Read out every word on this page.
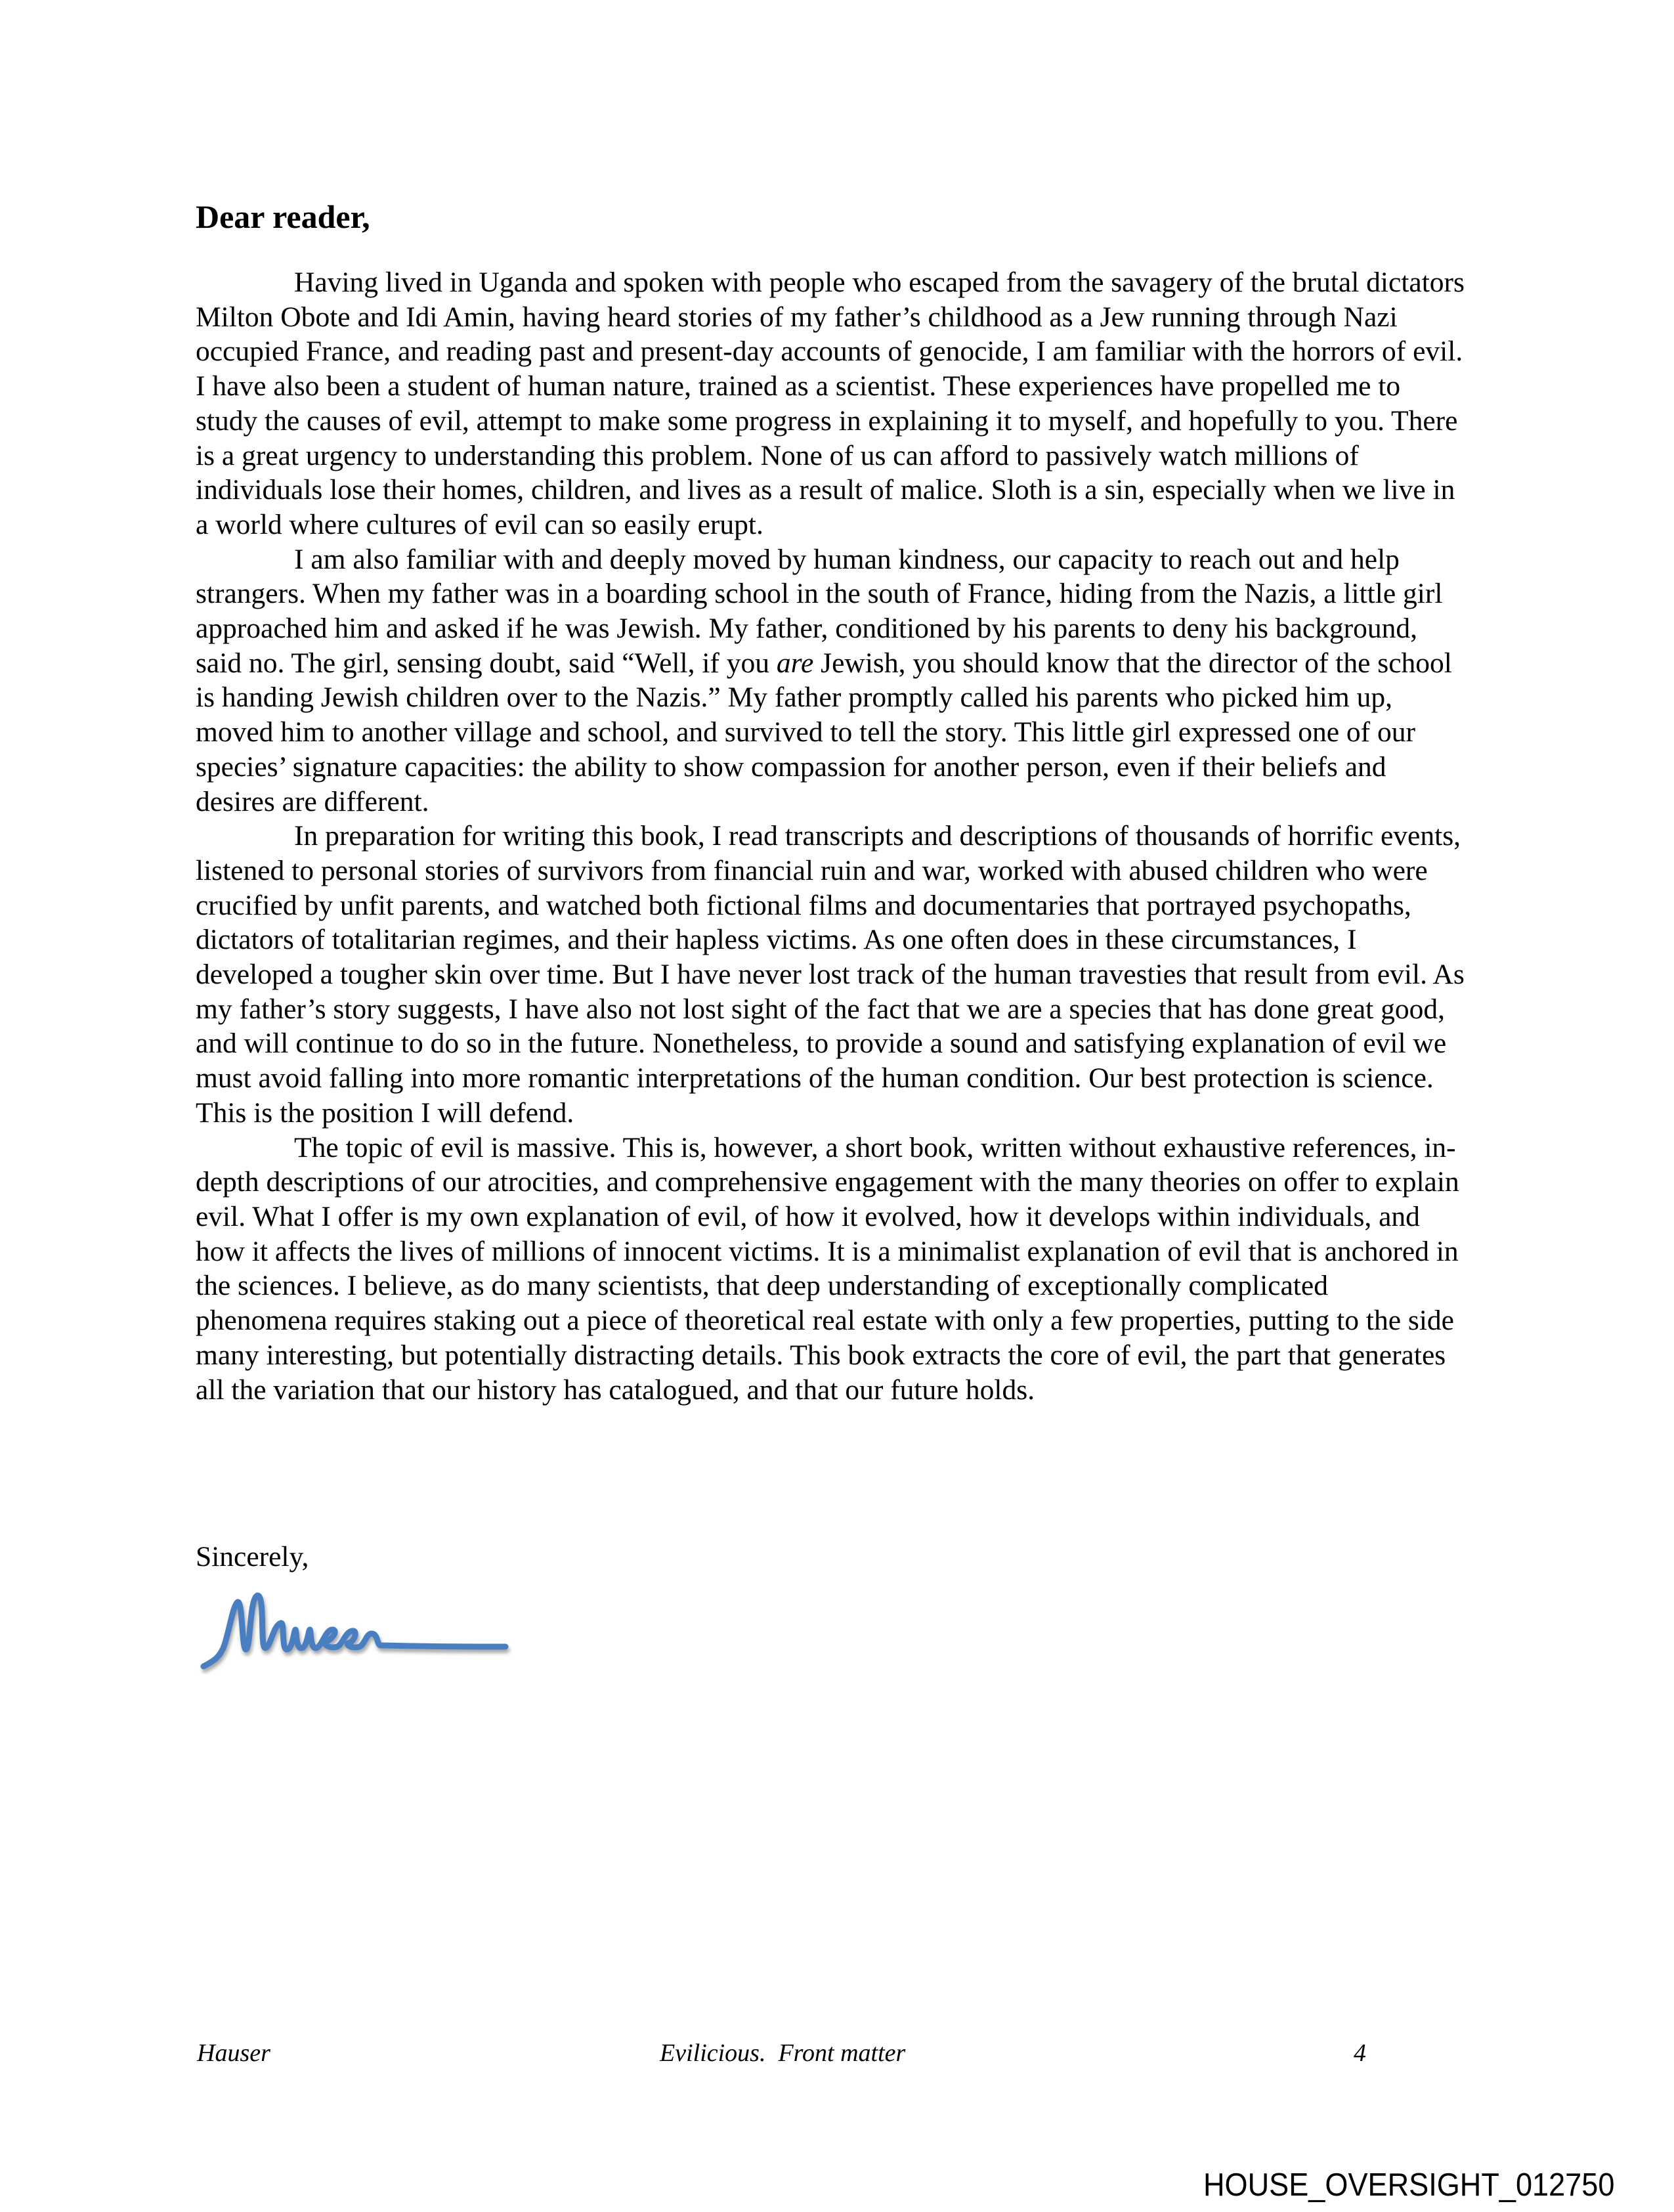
Dear reader,

Having lived in Uganda and spoken with people who escaped from the savagery of the brutal dictators Milton Obote and Idi Amin, having heard stories of my father’s childhood as a Jew running through Nazi occupied France, and reading past and present-day accounts of genocide, I am familiar with the horrors of evil. I have also been a student of human nature, trained as a scientist. These experiences have propelled me to study the causes of evil, attempt to make some progress in explaining it to myself, and hopefully to you. There is a great urgency to understanding this problem. None of us can afford to passively watch millions of individuals lose their homes, children, and lives as a result of malice. Sloth is a sin, especially when we live in a world where cultures of evil can so easily erupt.

I am also familiar with and deeply moved by human kindness, our capacity to reach out and help strangers. When my father was in a boarding school in the south of France, hiding from the Nazis, a little girl approached him and asked if he was Jewish. My father, conditioned by his parents to deny his background, said no. The girl, sensing doubt, said “Well, if you are Jewish, you should know that the director of the school is handing Jewish children over to the Nazis.” My father promptly called his parents who picked him up, moved him to another village and school, and survived to tell the story. This little girl expressed one of our species’ signature capacities: the ability to show compassion for another person, even if their beliefs and desires are different.

In preparation for writing this book, I read transcripts and descriptions of thousands of horrific events, listened to personal stories of survivors from financial ruin and war, worked with abused children who were crucified by unfit parents, and watched both fictional films and documentaries that portrayed psychopaths, dictators of totalitarian regimes, and their hapless victims. As one often does in these circumstances, I developed a tougher skin over time. But I have never lost track of the human travesties that result from evil. As my father’s story suggests, I have also not lost sight of the fact that we are a species that has done great good, and will continue to do so in the future. Nonetheless, to provide a sound and satisfying explanation of evil we must avoid falling into more romantic interpretations of the human condition. Our best protection is science. This is the position I will defend.

The topic of evil is massive. This is, however, a short book, written without exhaustive references, in-depth descriptions of our atrocities, and comprehensive engagement with the many theories on offer to explain evil. What I offer is my own explanation of evil, of how it evolved, how it develops within individuals, and how it affects the lives of millions of innocent victims. It is a minimalist explanation of evil that is anchored in the sciences. I believe, as do many scientists, that deep understanding of exceptionally complicated phenomena requires staking out a piece of theoretical real estate with only a few properties, putting to the side many interesting, but potentially distracting details. This book extracts the core of evil, the part that generates all the variation that our history has catalogued, and that our future holds.

Sincerely,
Hauser	Evilicious.  Front matter	4
HOUSE_OVERSIGHT_012750
